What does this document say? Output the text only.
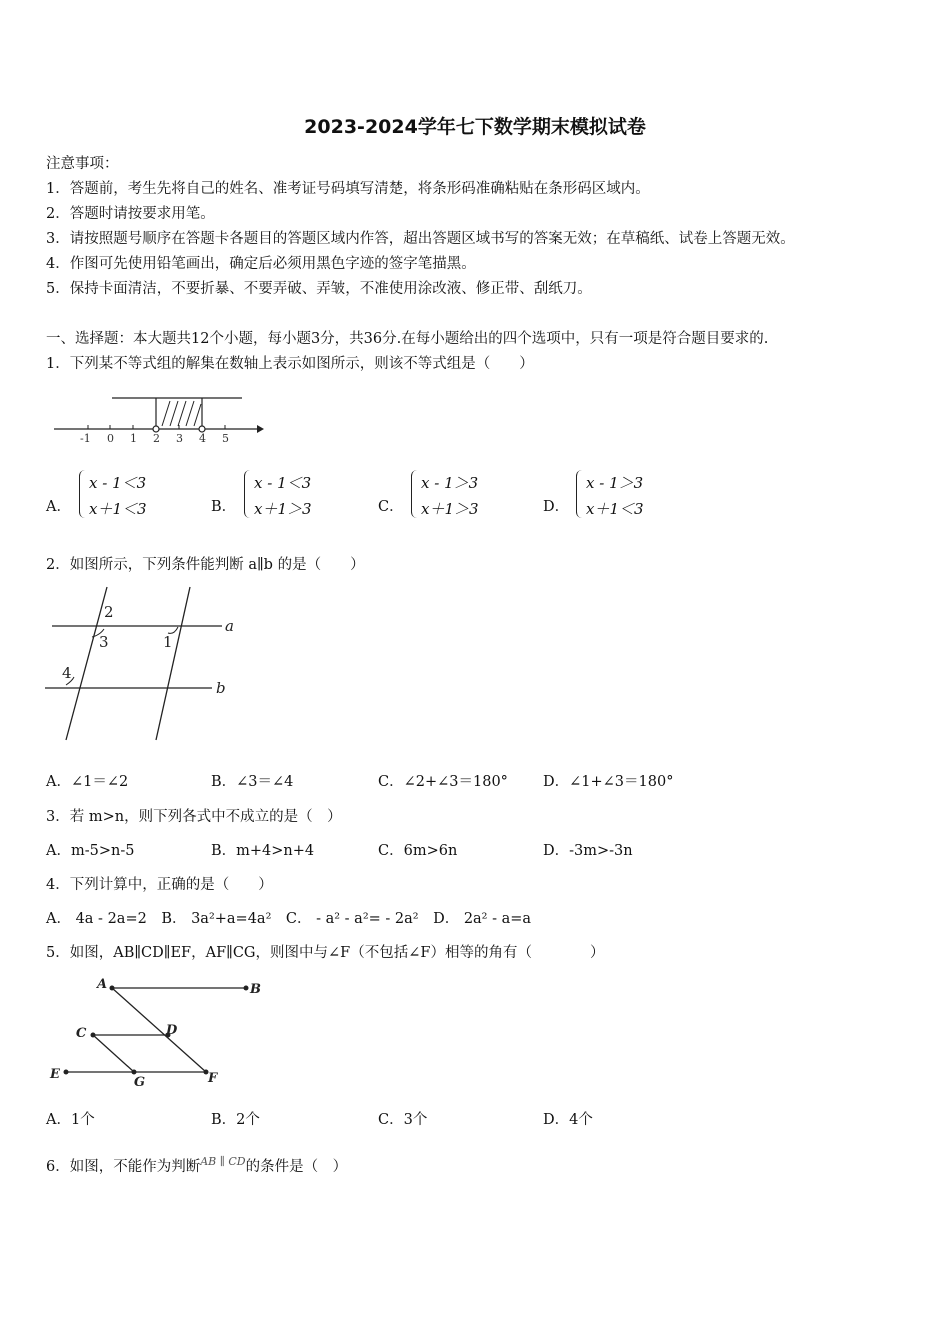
2023-2024学年七下数学期末模拟试卷
注意事项：
1．答题前，考生先将自己的姓名、准考证号码填写清楚，将条形码准确粘贴在条形码区域内。
2．答题时请按要求用笔。
3．请按照题号顺序在答题卡各题目的答题区域内作答，超出答题区域书写的答案无效；在草稿纸、试卷上答题无效。
4．作图可先使用铅笔画出，确定后必须用黑色字迹的签字笔描黑。
5．保持卡面清洁，不要折暴、不要弄破、弄皱，不准使用涂改液、修正带、刮纸刀。
一、选择题：本大题共12个小题，每小题3分，共36分.在每小题给出的四个选项中，只有一项是符合题目要求的.
1．下列某不等式组的解集在数轴上表示如图所示，则该不等式组是（　　）
-1 0 1 2 3 4 5
A．
x - 1＜3
x＋1＜3	B．
x - 1＜3
x＋1＞3	C．
x - 1＞3
x＋1＞3	D．
x - 1＞3
x＋1＜3
2．如图所示，下列条件能判断 a∥b 的是（　　）
2
3	1
4
a
b
A．∠1＝∠2	B．∠3＝∠4	C．∠2+∠3＝180° D．∠1+∠3＝180°
3．若 m>n，则下列各式中不成立的是（　）
A．m-5>n-5	B．m+4>n+4	C．6m>6n	D．-3m>-3n
4．下列计算中，正确的是（　　）
A． 4a - 2a=2　B． 3a²+a=4a²　C． - a² - a²= - 2a²　D． 2a² - a=a
5．如图，AB∥CD∥EF，AF∥CG，则图中与∠F（不包括∠F）相等的角有（　　　　）
A	B
C	D
E
G	F
A．1个	B．2个	C．3个	D．4个
6．如图，不能作为判断$^{AB \parallel CD}$的条件是（　）
